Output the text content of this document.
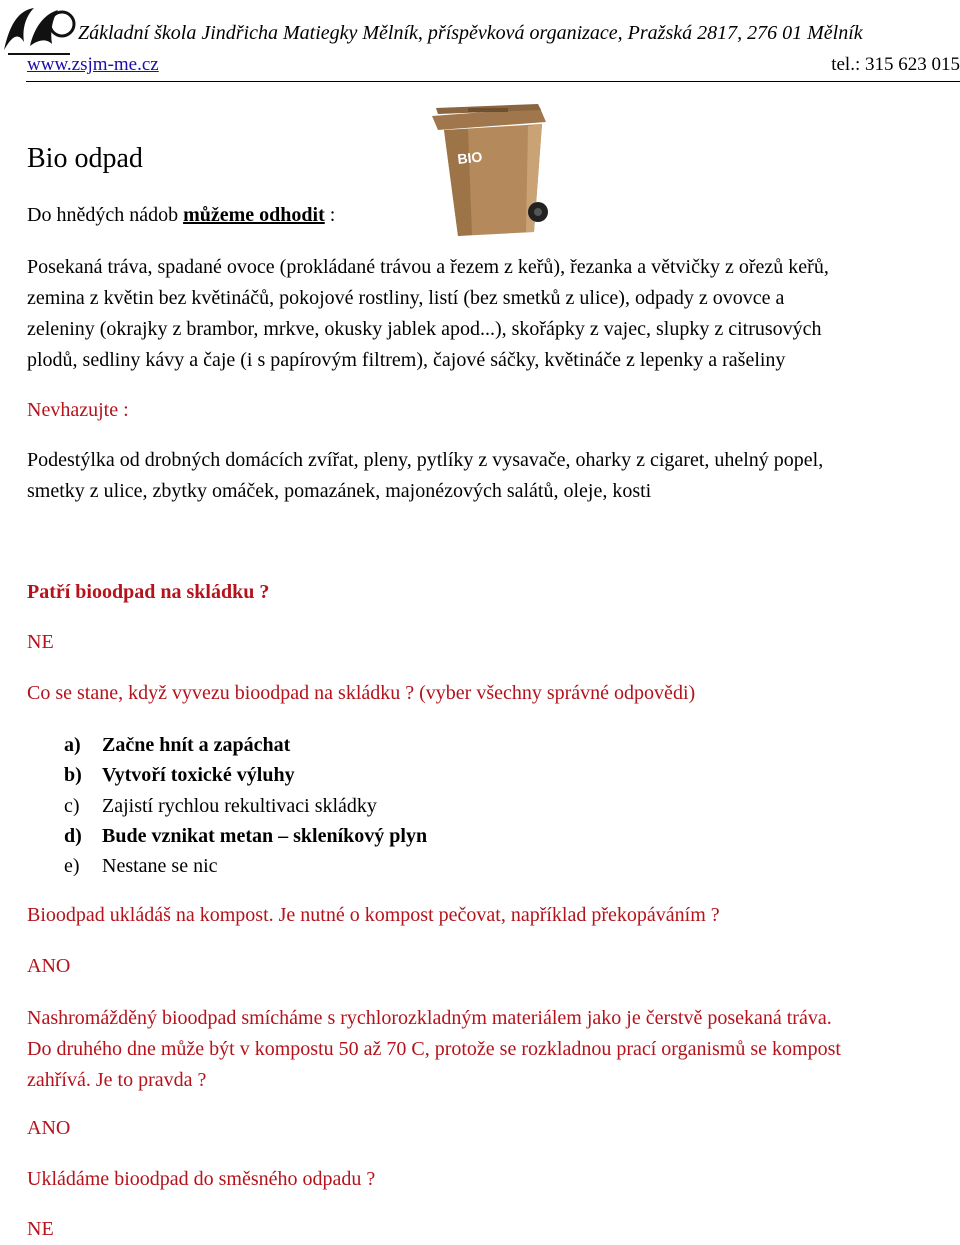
Základní škola Jindřicha Matiegky Mělník, příspěvková organizace, Pražská 2817, 276 01 Mělník
www.zsjm-me.cz	tel.: 315 623 015
BIO
Bio odpad
Do hnědých nádob můžeme odhodit :
Posekaná tráva, spadané ovoce (prokládané trávou a řezem z keřů), řezanka a větvičky z ořezů keřů,
zemina z květin bez květináčů, pokojové rostliny, listí (bez smetků z ulice), odpady z ovovce a
zeleniny (okrajky z brambor, mrkve, okusky jablek apod...), skořápky z vajec, slupky z citrusových
plodů, sedliny kávy a čaje (i s papírovým filtrem), čajové sáčky, květináče z lepenky a rašeliny
Nevhazujte :
Podestýlka od drobných domácích zvířat, pleny, pytlíky z vysavače, oharky z cigaret, uhelný popel,
smetky z ulice, zbytky omáček, pomazánek, majonézových salátů, oleje, kosti
Patří bioodpad na skládku ?
NE
Co se stane, když vyvezu bioodpad na skládku ? (vyber všechny správné odpovědi)
a) Začne hnít a zapáchat
b) Vytvoří toxické výluhy
c) Zajistí rychlou rekultivaci skládky
d) Bude vznikat metan – skleníkový plyn
e) Nestane se nic
Bioodpad ukládáš na kompost. Je nutné o kompost pečovat, například překopáváním ?
ANO
Nashromážděný bioodpad smícháme s rychlorozkladným materiálem jako je čerstvě posekaná tráva.
Do druhého dne může být v kompostu 50 až 70 C, protože se rozkladnou prací organismů se kompost
zahřívá. Je to pravda ?
ANO
Ukládáme bioodpad do směsného odpadu ?
NE
